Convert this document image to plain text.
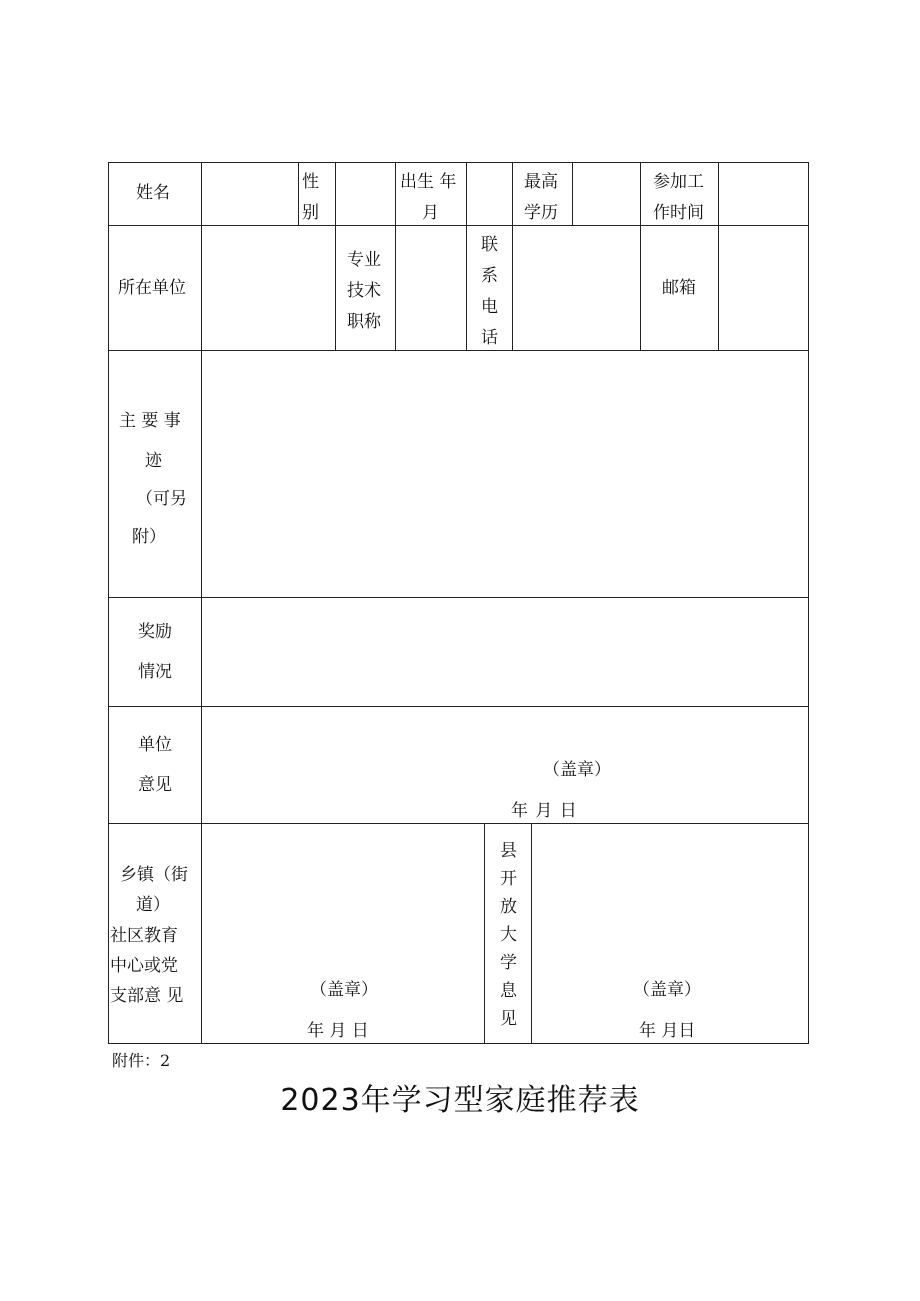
姓名
性
别
出生 年
月
最高
学历
参加工
作时间
所在单位
专业
技术
职称
联
系
电
话
邮箱
主 要 事
迹
（可另
附）
奖励
情况
单位
意见
（盖章）
年 月 日
乡镇（街
道）
社区教育
中心或党
支部意 见	（盖章）
年 月 日
县
开
放
大
学
息
见
（盖章）
年 月日
附件：2
2023年学习型家庭推荐表
